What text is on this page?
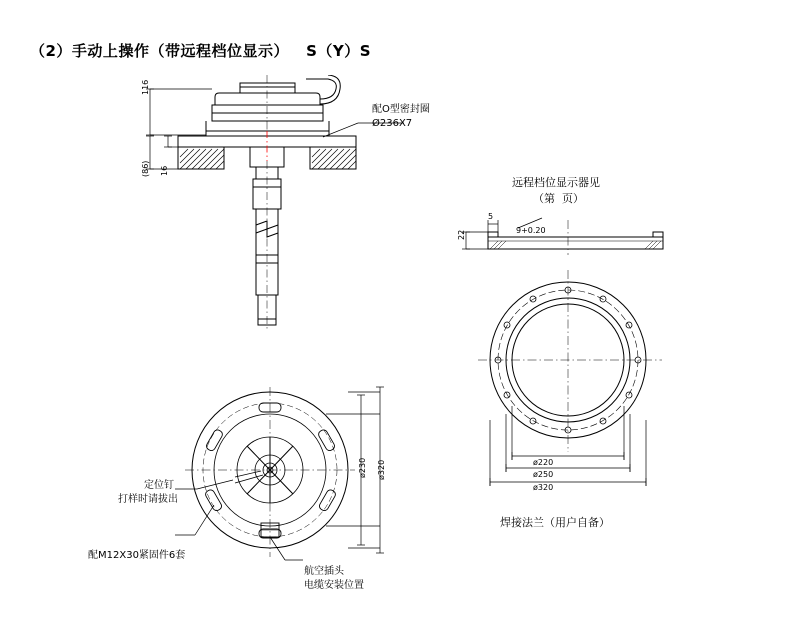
（2）手动上操作（带远程档位显示）   S（Y）S
116
(86) 16
配O型密封圈
Ø236X7
ø230 ø320
定位钉
打样时请拔出
配M12X30紧固件6套
航空插头
电缆安装位置
远程档位显示器见
（第  页）
22
5
9+0.20
ø220
ø250
ø320
焊接法兰（用户自备）
